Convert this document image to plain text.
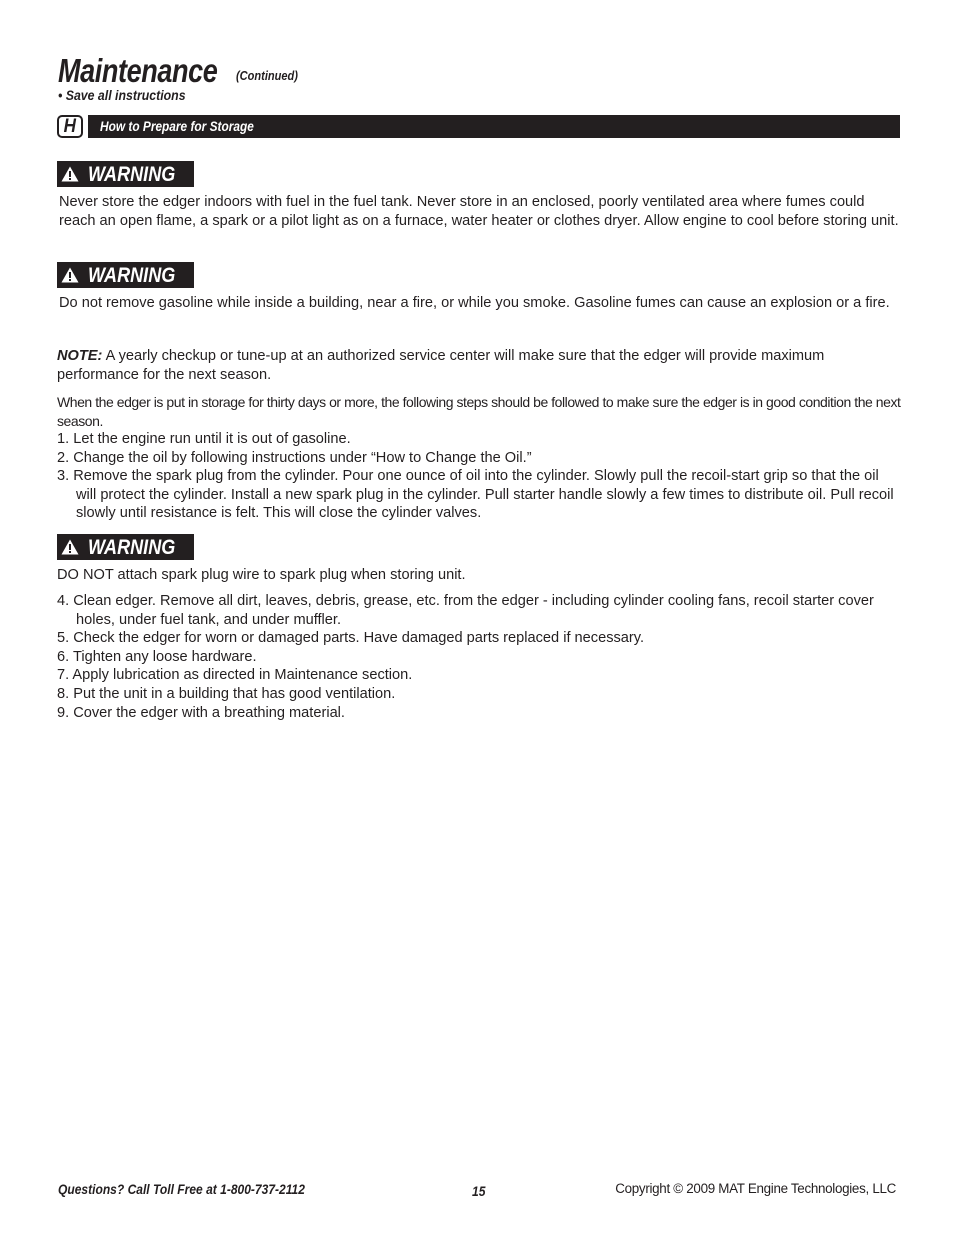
Maintenance (Continued)
• Save all instructions
H	How to Prepare for Storage
WARNING

Never store the edger indoors with fuel in the fuel tank. Never store in an enclosed, poorly ventilated area where fumes could reach an open flame, a spark or a pilot light as on a furnace, water heater or clothes dryer. Allow engine to cool before storing unit.

WARNING

Do not remove gasoline while inside a building, near a fire, or while you smoke. Gasoline fumes can cause an explosion or a fire.

NOTE: A yearly checkup or tune-up at an authorized service center will make sure that the edger will provide maximum performance for the next season.

When the edger is put in storage for thirty days or more, the following steps should be followed to make sure the edger is in good condition the next season.

1. Let the engine run until it is out of gasoline.
2. Change the oil by following instructions under “How to Change the Oil.”
3. Remove the spark plug from the cylinder. Pour one ounce of oil into the cylinder. Slowly pull the recoil-start grip so that the oil will protect the cylinder. Install a new spark plug in the cylinder. Pull starter handle slowly a few times to distribute oil. Pull recoil slowly until resistance is felt. This will close the cylinder valves.
WARNING

DO NOT attach spark plug wire to spark plug when storing unit.

4. Clean edger. Remove all dirt, leaves, debris, grease, etc. from the edger - including cylinder cooling fans, recoil starter cover holes, under fuel tank, and under muffler.
5. Check the edger for worn or damaged parts. Have damaged parts replaced if necessary.
6. Tighten any loose hardware.
7. Apply lubrication as directed in Maintenance section.
8. Put the unit in a building that has good ventilation.
9. Cover the edger with a breathing material.
Questions? Call Toll Free at 1-800-737-2112	15	Copyright © 2009 MAT Engine Technologies, LLC
